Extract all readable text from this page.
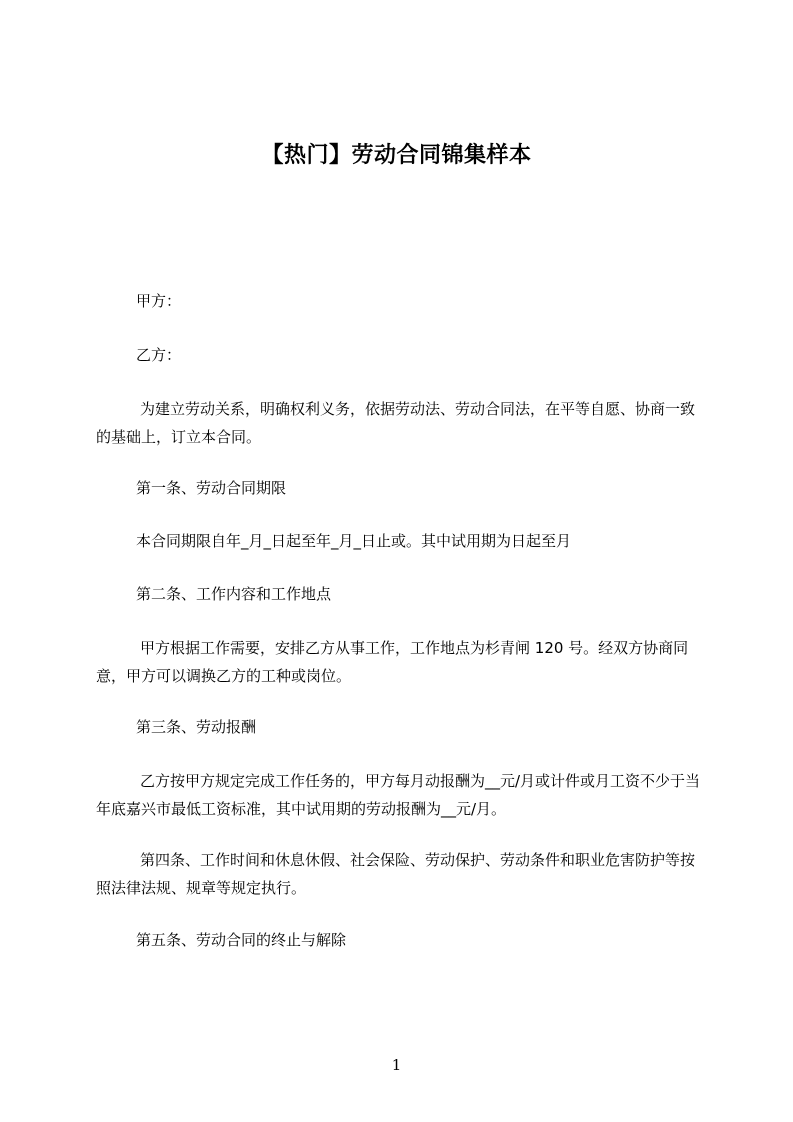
【热门】劳动合同锦集样本

甲方：

乙方：

为建立劳动关系，明确权利义务，依据劳动法、劳动合同法，在平等自愿、协商一致的基础上，订立本合同。

第一条、劳动合同期限

本合同期限自年_月_日起至年_月_日止或。其中试用期为日起至月

第二条、工作内容和工作地点

甲方根据工作需要，安排乙方从事工作，工作地点为杉青闸 120 号。经双方协商同意，甲方可以调换乙方的工种或岗位。

第三条、劳动报酬

乙方按甲方规定完成工作任务的，甲方每月动报酬为__元/月或计件或月工资不少于当年底嘉兴市最低工资标准，其中试用期的劳动报酬为__元/月。

第四条、工作时间和休息休假、社会保险、劳动保护、劳动条件和职业危害防护等按照法律法规、规章等规定执行。

第五条、劳动合同的终止与解除

1
